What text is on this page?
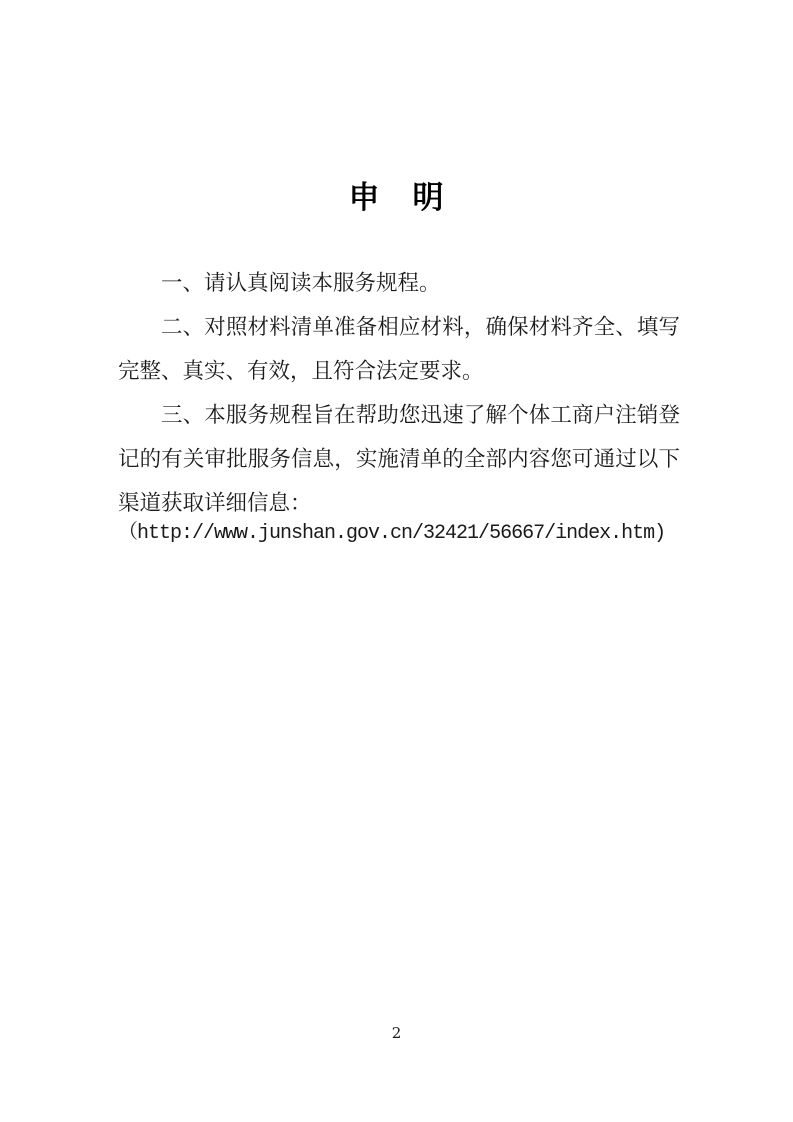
申　明

一、请认真阅读本服务规程。

二、对照材料清单准备相应材料，确保材料齐全、填写完整、真实、有效，且符合法定要求。

三、本服务规程旨在帮助您迅速了解个体工商户注销登记的有关审批服务信息，实施清单的全部内容您可通过以下渠道获取详细信息：

（http://www.junshan.gov.cn/32421/56667/index.htm)

2
